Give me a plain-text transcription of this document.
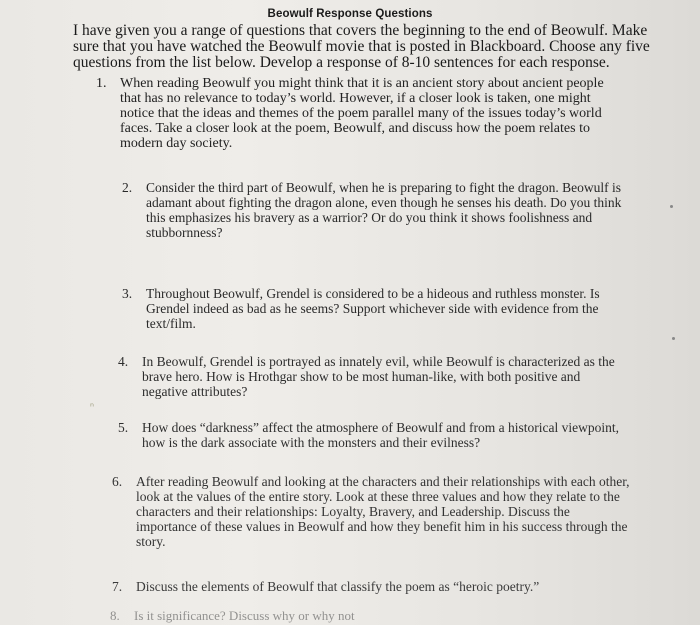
Beowulf Response Questions
I have given you a range of questions that covers the beginning to the end of Beowulf. Make sure that you have watched the Beowulf movie that is posted in Blackboard. Choose any five questions from the list below. Develop a response of 8-10 sentences for each response.
1. When reading Beowulf you might think that it is an ancient story about ancient people that has no relevance to today’s world. However, if a closer look is taken, one might notice that the ideas and themes of the poem parallel many of the issues today’s world faces. Take a closer look at the poem, Beowulf, and discuss how the poem relates to modern day society.
2.	Consider the third part of Beowulf, when he is preparing to fight the dragon. Beowulf is adamant about fighting the dragon alone, even though he senses his death. Do you think this emphasizes his bravery as a warrior? Or do you think it shows foolishness and stubbornness?
3.	Throughout Beowulf, Grendel is considered to be a hideous and ruthless monster. Is Grendel indeed as bad as he seems? Support whichever side with evidence from the text/film.
4.	In Beowulf, Grendel is portrayed as innately evil, while Beowulf is characterized as the brave hero. How is Hrothgar show to be most human-like, with both positive and negative attributes?
ⁿ
5.	How does “darkness” affect the atmosphere of Beowulf and from a historical viewpoint, how is the dark associate with the monsters and their evilness?
6.	After reading Beowulf and looking at the characters and their relationships with each other, look at the values of the entire story. Look at these three values and how they relate to the characters and their relationships: Loyalty, Bravery, and Leadership. Discuss the importance of these values in Beowulf and how they benefit him in his success through the story.
7.	Discuss the elements of Beowulf that classify the poem as “heroic poetry.”
8.	Is it significance? Discuss why or why not
